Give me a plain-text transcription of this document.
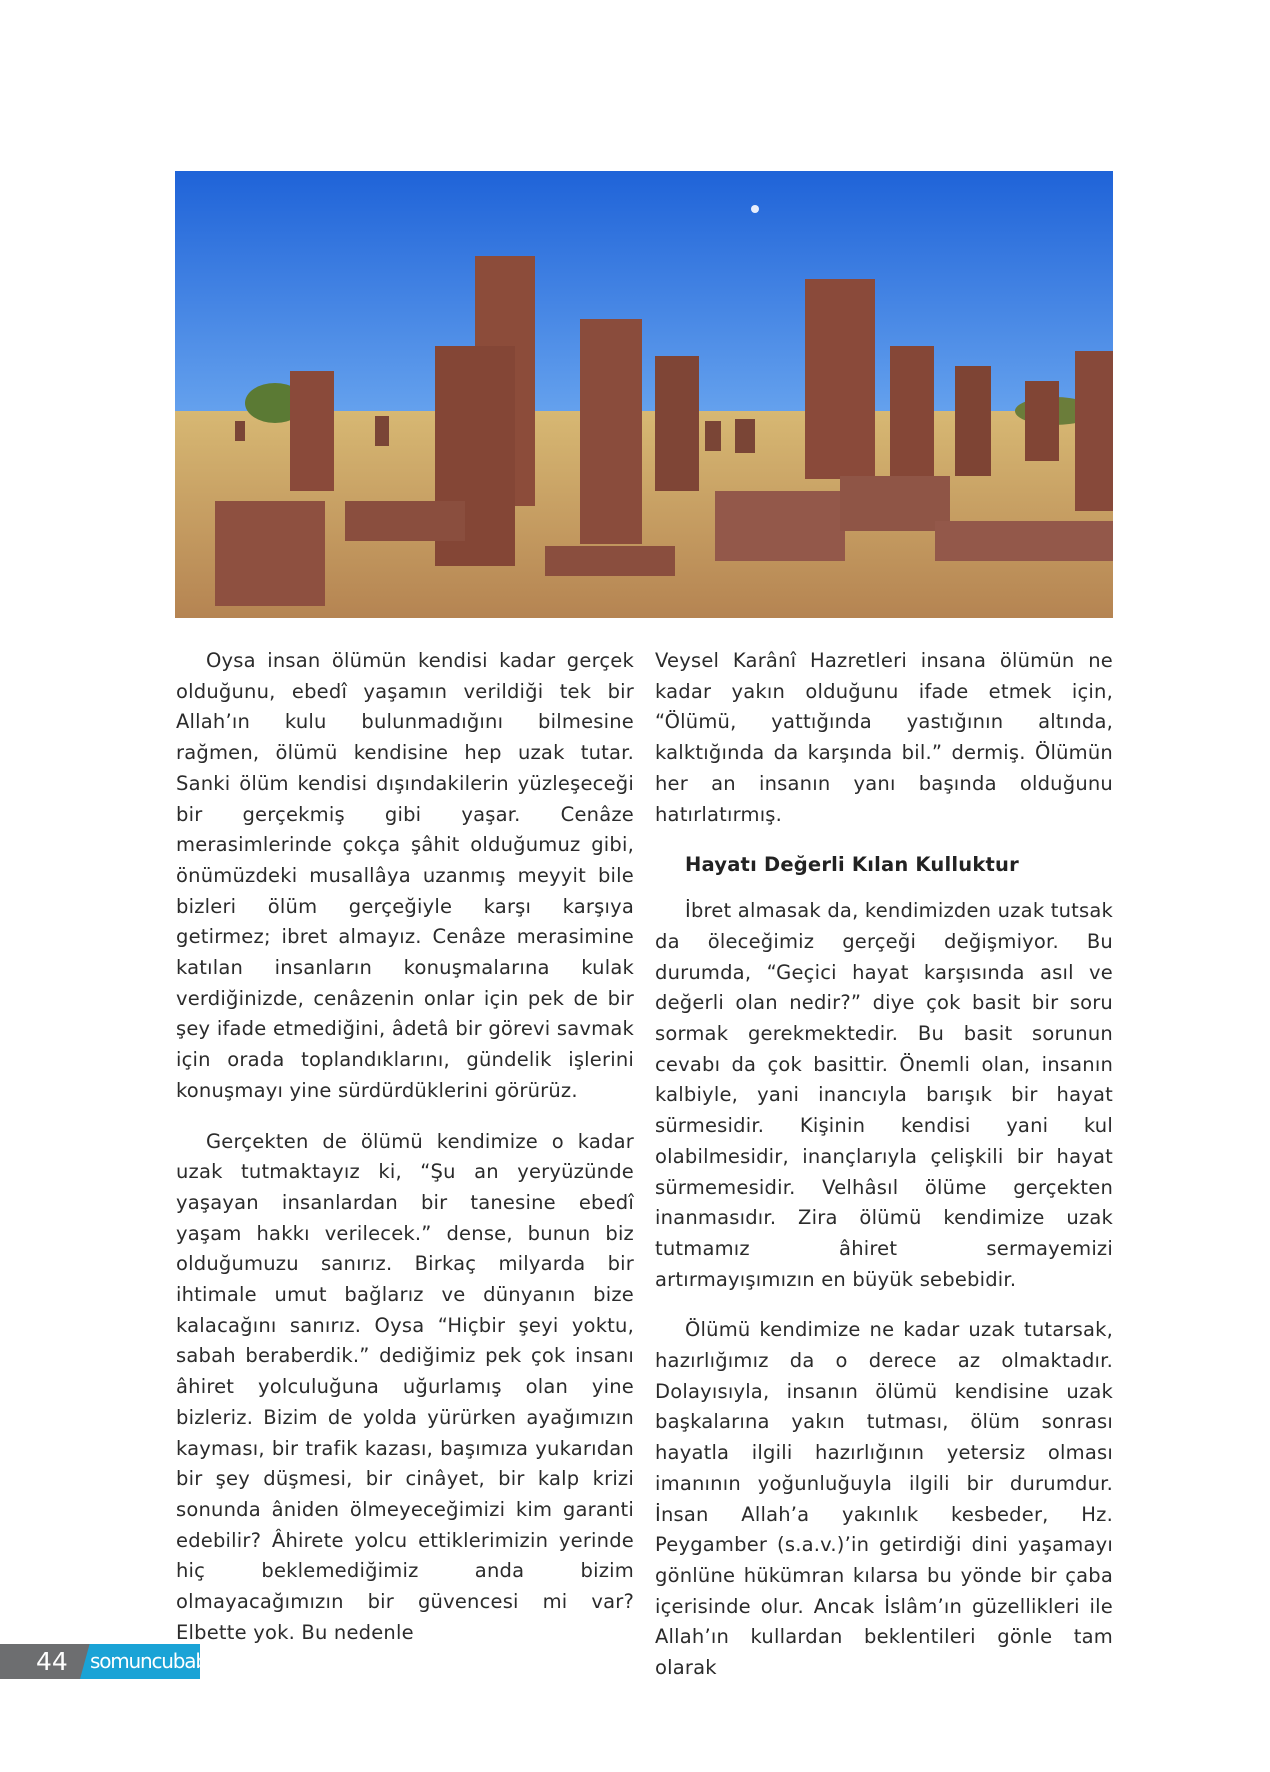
Oysa insan ölümün kendisi kadar gerçek olduğunu, ebedî yaşamın verildiği tek bir Allah’ın kulu bulunmadığını bilmesine rağmen, ölümü kendisine hep uzak tutar. Sanki ölüm kendisi dışındakilerin yüzleşeceği bir gerçekmiş gibi yaşar. Cenâze merasimlerinde çokça şâhit olduğumuz gibi, önümüzdeki musallâya uzanmış meyyit bile bizleri ölüm gerçeğiyle karşı karşıya getirmez; ibret almayız. Cenâze merasimine katılan insanların konuşmalarına kulak verdiğinizde, cenâzenin onlar için pek de bir şey ifade etmediğini, âdetâ bir görevi savmak için orada toplandıklarını, gündelik işlerini konuşmayı yine sürdürdüklerini görürüz.

Gerçekten de ölümü kendimize o kadar uzak tutmaktayız ki, “Şu an yeryüzünde yaşayan insanlardan bir tanesine ebedî yaşam hakkı verilecek.” dense, bunun biz olduğumuzu sanırız. Birkaç milyarda bir ihtimale umut bağlarız ve dünyanın bize kalacağını sanırız. Oysa “Hiçbir şeyi yoktu, sabah beraberdik.” dediğimiz pek çok insanı âhiret yolculuğuna uğurlamış olan yine bizleriz. Bizim de yolda yürürken ayağımızın kayması, bir trafik kazası, başımıza yukarıdan bir şey düşmesi, bir cinâyet, bir kalp krizi sonunda âniden ölmeyeceğimizi kim garanti edebilir? Âhirete yolcu ettiklerimizin yerinde hiç beklemediğimiz anda bizim olmayacağımızın bir güvencesi mi var? Elbette yok. Bu nedenle

Veysel Karânî Hazretleri insana ölümün ne kadar yakın olduğunu ifade etmek için, “Ölümü, yattığında yastığının altında, kalktığında da karşında bil.” dermiş. Ölümün her an insanın yanı başında olduğunu hatırlatırmış.

Hayatı Değerli Kılan Kulluktur

İbret almasak da, kendimizden uzak tutsak da öleceğimiz gerçeği değişmiyor. Bu durumda, “Geçici hayat karşısında asıl ve değerli olan nedir?” diye çok basit bir soru sormak gerekmektedir. Bu basit sorunun cevabı da çok basittir. Önemli olan, insanın kalbiyle, yani inancıyla barışık bir hayat sürmesidir. Kişinin kendisi yani kul olabilmesidir, inançlarıyla çelişkili bir hayat sürmemesidir. Velhâsıl ölüme gerçekten inanmasıdır. Zira ölümü kendimize uzak tutmamız âhiret sermayemizi artırmayışımızın en büyük sebebidir.

Ölümü kendimize ne kadar uzak tutarsak, hazırlığımız da o derece az olmaktadır. Dolayısıyla, insanın ölümü kendisine uzak başkalarına yakın tutması, ölüm sonrası hayatla ilgili hazırlığının yetersiz olması imanının yoğunluğuyla ilgili bir durumdur. İnsan Allah’a yakınlık kesbeder, Hz. Peygamber (s.a.v.)’in getirdiği dini yaşamayı gönlüne hükümran kılarsa bu yönde bir çaba içerisinde olur. Ancak İslâm’ın güzellikleri ile Allah’ın kullardan beklentileri gönle tam olarak

44 somuncubaba
